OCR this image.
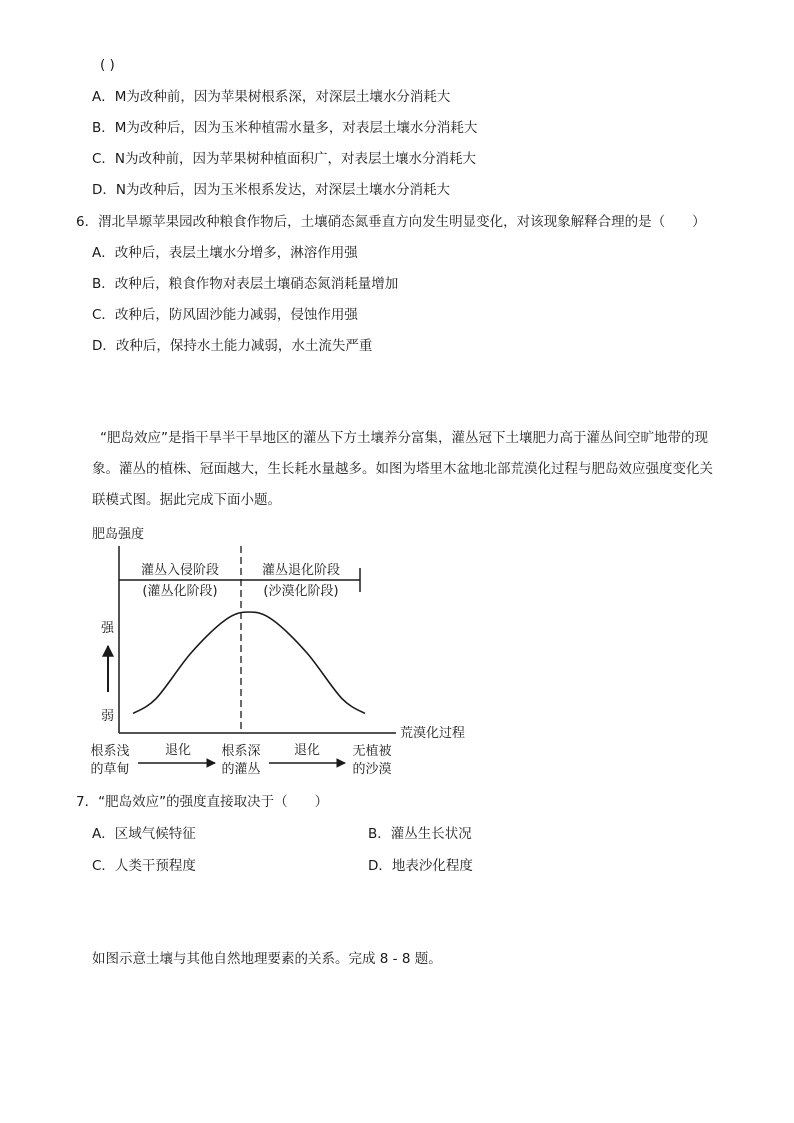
( )
A．M为改种前，因为苹果树根系深，对深层土壤水分消耗大
B．M为改种后，因为玉米种植需水量多，对表层土壤水分消耗大
C．N为改种前，因为苹果树种植面积广，对表层土壤水分消耗大
D．N为改种后，因为玉米根系发达，对深层土壤水分消耗大
6．渭北旱塬苹果园改种粮食作物后，土壤硝态氮垂直方向发生明显变化，对该现象解释合理的是（　　）
A．改种后，表层土壤水分增多，淋溶作用强
B．改种后，粮食作物对表层土壤硝态氮消耗量增加
C．改种后，防风固沙能力减弱，侵蚀作用强
D．改种后，保持水土能力减弱，水土流失严重
“肥岛效应”是指干旱半干旱地区的灌丛下方土壤养分富集，灌丛冠下土壤肥力高于灌丛间空旷地带的现象。灌丛的植株、冠面越大，生长耗水量越多。如图为塔里木盆地北部荒漠化过程与肥岛效应强度变化关联模式图。据此完成下面小题。
肥岛强度
荒漠化过程
灌丛入侵阶段
(灌丛化阶段)
灌丛退化阶段
(沙漠化阶段)
强
弱
根系浅
的草甸
根系深
的灌丛
无植被
的沙漠
退化	退化
7．“肥岛效应”的强度直接取决于（　　）
A．区域气候特征	B．灌丛生长状况
C．人类干预程度	D．地表沙化程度
如图示意土壤与其他自然地理要素的关系。完成 8 - 8 题。
